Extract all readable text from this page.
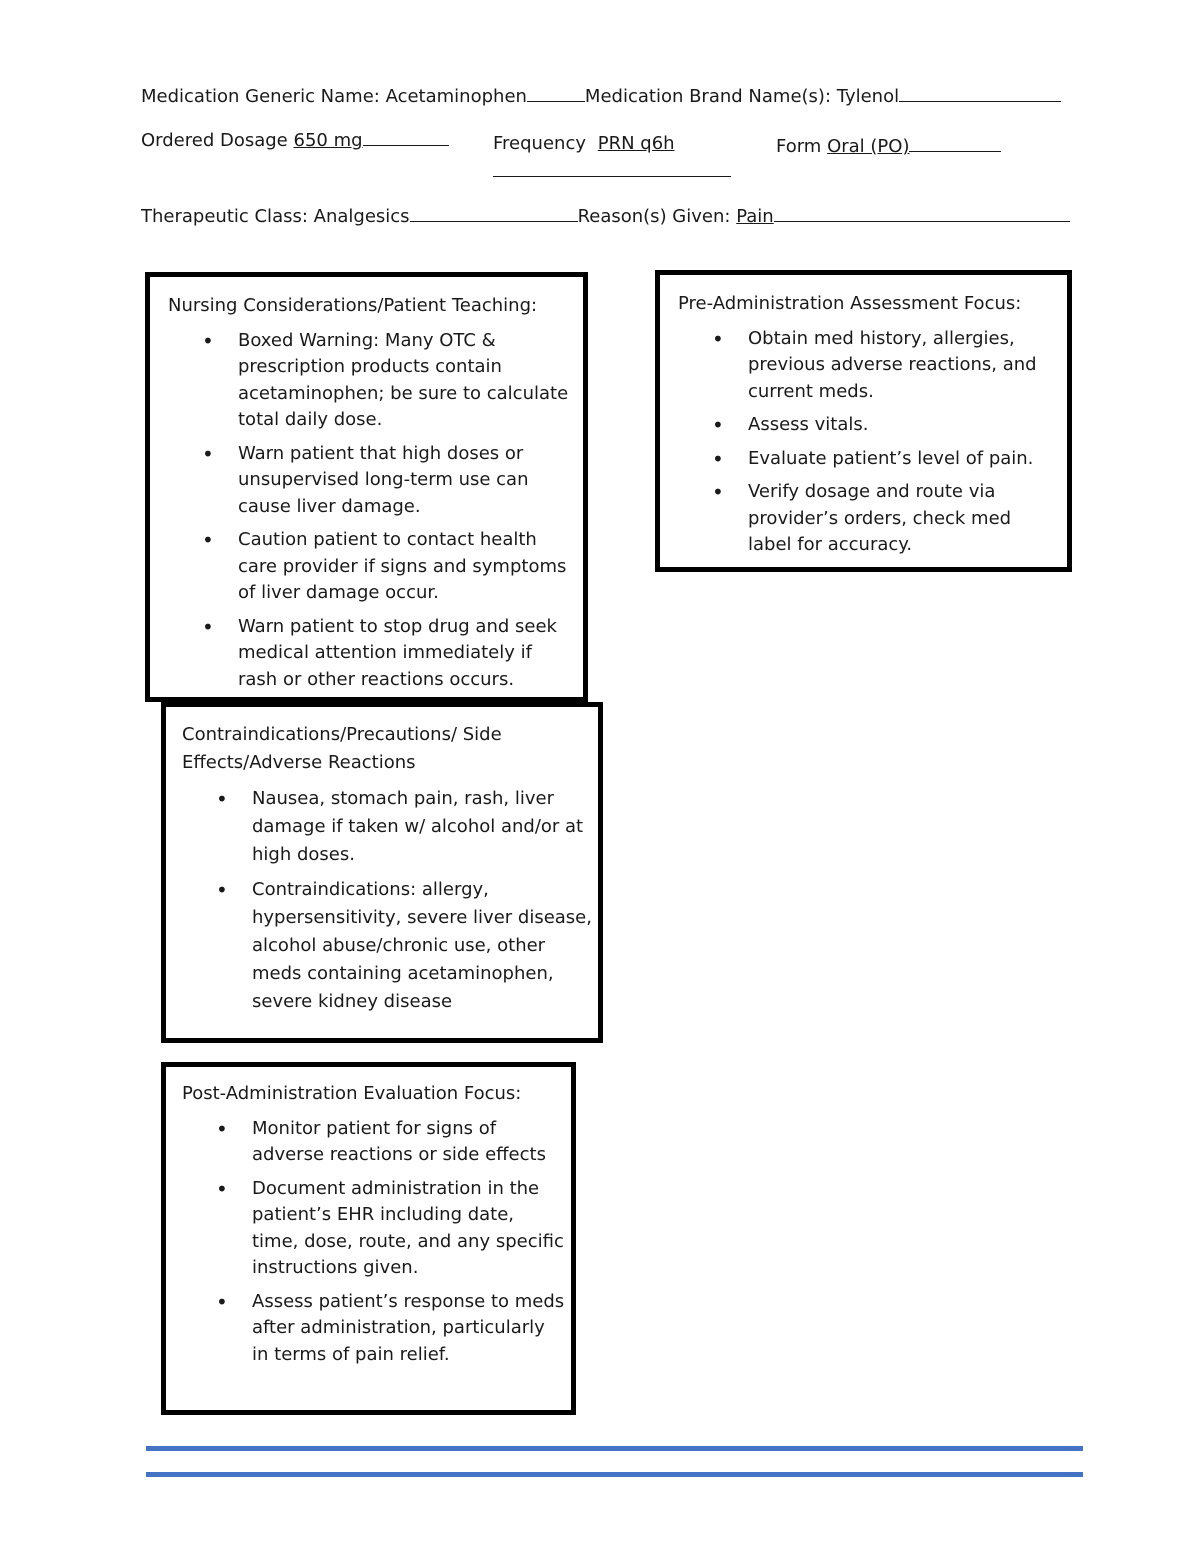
Medication Generic Name: Acetaminophen	Medication Brand Name(s): Tylenol
Ordered Dosage 650 mg	Frequency PRN q6h	Form Oral (PO)
Therapeutic Class: Analgesics	Reason(s) Given: Pain

Nursing Considerations/Patient Teaching:

• Boxed Warning: Many OTC & prescription products contain acetaminophen; be sure to calculate total daily dose.
• Warn patient that high doses or unsupervised long-term use can cause liver damage.
• Caution patient to contact health care provider if signs and symptoms of liver damage occur.
• Warn patient to stop drug and seek medical attention immediately if rash or other reactions occurs.

Pre-Administration Assessment Focus:

• Obtain med history, allergies, previous adverse reactions, and current meds.
• Assess vitals.
• Evaluate patient’s level of pain.
• Verify dosage and route via provider’s orders, check med label for accuracy.

Contraindications/Precautions/ Side Effects/Adverse Reactions

• Nausea, stomach pain, rash, liver damage if taken w/ alcohol and/or at high doses.
• Contraindications: allergy, hypersensitivity, severe liver disease, alcohol abuse/chronic use, other meds containing acetaminophen, severe kidney disease

Post-Administration Evaluation Focus:

• Monitor patient for signs of adverse reactions or side effects
• Document administration in the patient’s EHR including date, time, dose, route, and any specific instructions given.
• Assess patient’s response to meds after administration, particularly in terms of pain relief.
